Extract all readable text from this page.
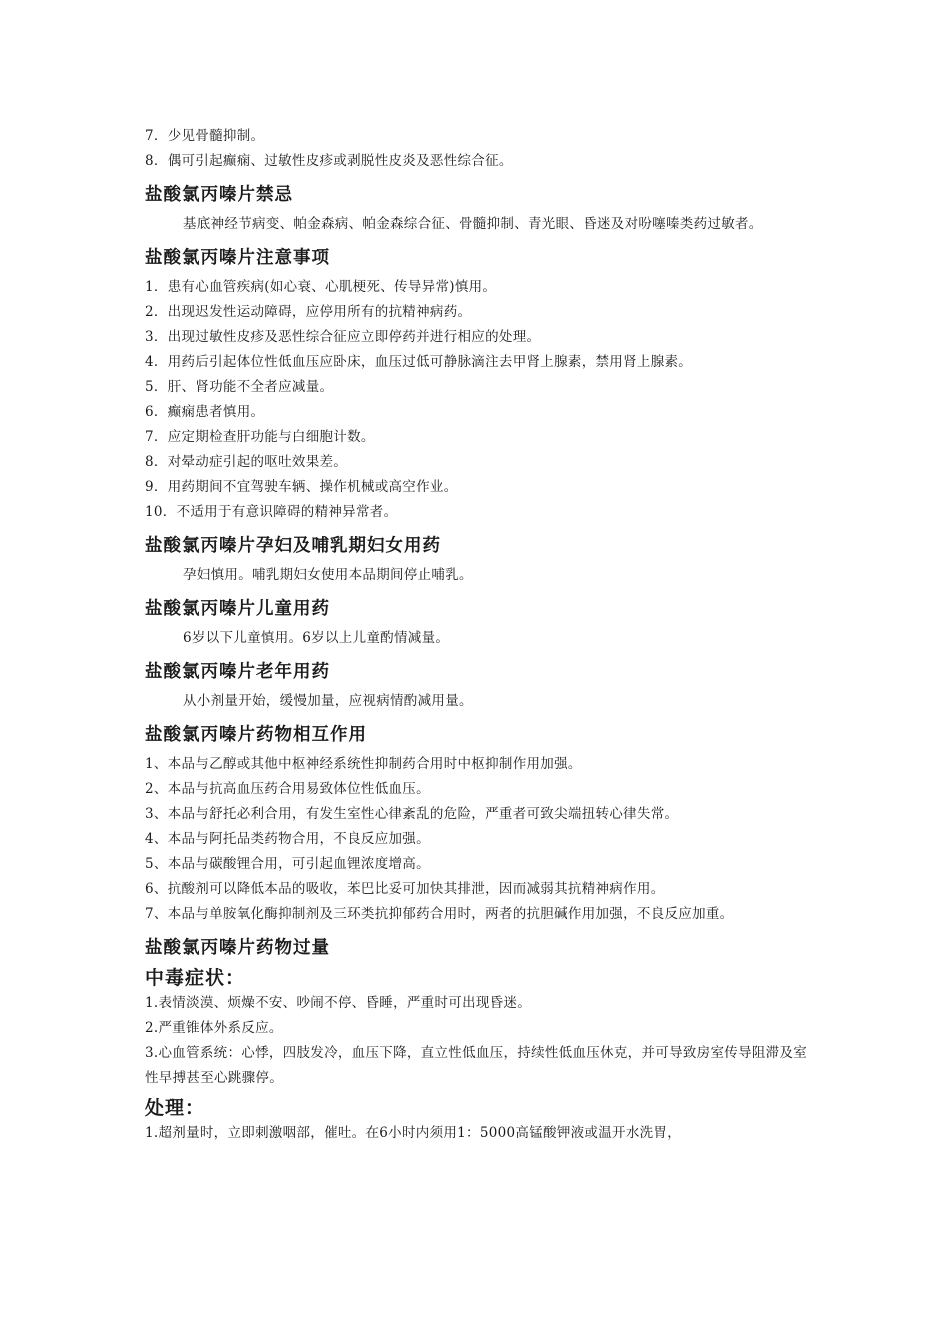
7．少见骨髓抑制。

8．偶可引起癫痫、过敏性皮疹或剥脱性皮炎及恶性综合征。

盐酸氯丙嗪片禁忌

基底神经节病变、帕金森病、帕金森综合征、骨髓抑制、青光眼、昏迷及对吩噻嗪类药过敏者。

盐酸氯丙嗪片注意事项

1．患有心血管疾病(如心衰、心肌梗死、传导异常)慎用。

2．出现迟发性运动障碍，应停用所有的抗精神病药。

3．出现过敏性皮疹及恶性综合征应立即停药并进行相应的处理。

4．用药后引起体位性低血压应卧床，血压过低可静脉滴注去甲肾上腺素，禁用肾上腺素。

5．肝、肾功能不全者应减量。

6．癫痫患者慎用。

7．应定期检查肝功能与白细胞计数。

8．对晕动症引起的呕吐效果差。

9．用药期间不宜驾驶车辆、操作机械或高空作业。

10．不适用于有意识障碍的精神异常者。

盐酸氯丙嗪片孕妇及哺乳期妇女用药

孕妇慎用。哺乳期妇女使用本品期间停止哺乳。

盐酸氯丙嗪片儿童用药

6岁以下儿童慎用。6岁以上儿童酌情减量。

盐酸氯丙嗪片老年用药

从小剂量开始，缓慢加量，应视病情酌减用量。

盐酸氯丙嗪片药物相互作用

1、本品与乙醇或其他中枢神经系统性抑制药合用时中枢抑制作用加强。

2、本品与抗高血压药合用易致体位性低血压。

3、本品与舒托必利合用，有发生室性心律紊乱的危险，严重者可致尖端扭转心律失常。

4、本品与阿托品类药物合用，不良反应加强。

5、本品与碳酸锂合用，可引起血锂浓度增高。

6、抗酸剂可以降低本品的吸收，苯巴比妥可加快其排泄，因而减弱其抗精神病作用。

7、本品与单胺氧化酶抑制剂及三环类抗抑郁药合用时，两者的抗胆碱作用加强，不良反应加重。

盐酸氯丙嗪片药物过量
中毒症状：

1.表情淡漠、烦燥不安、吵闹不停、昏睡，严重时可出现昏迷。

2.严重锥体外系反应。

3.心血管系统：心悸，四肢发冷，血压下降，直立性低血压，持续性低血压休克，并可导致房室传导阻滞及室性早搏甚至心跳骤停。

处理：

1.超剂量时，立即刺激咽部，催吐。在6小时内须用1：5000高锰酸钾液或温开水洗胃，
